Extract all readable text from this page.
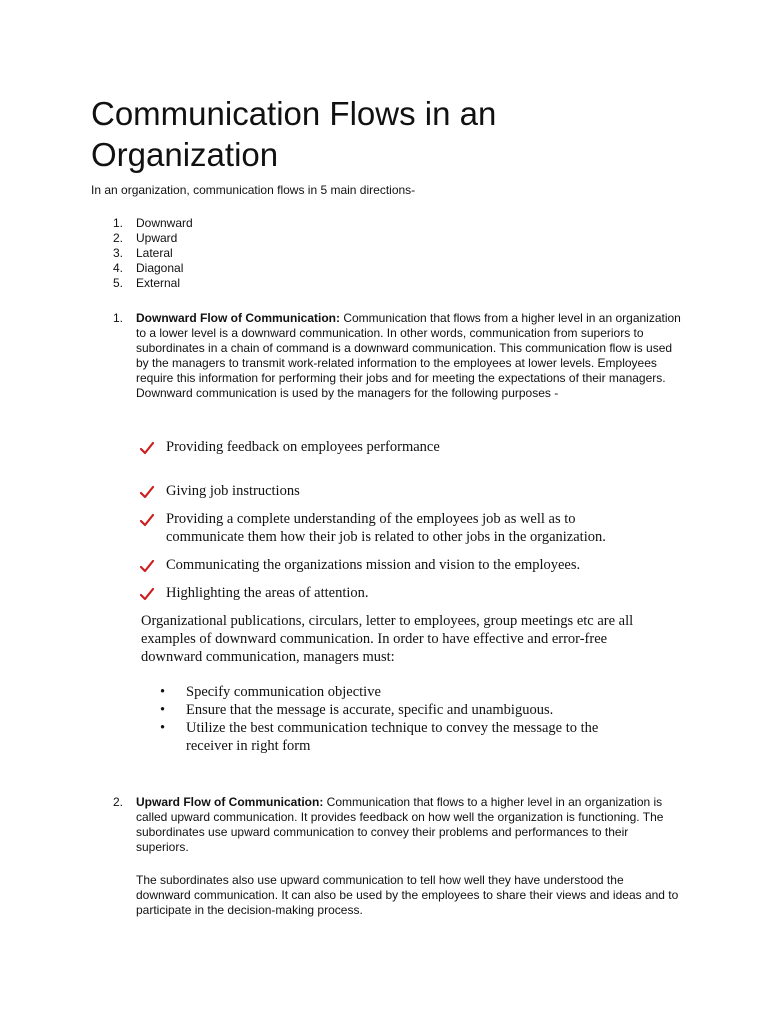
Communication Flows in an Organization

In an organization, communication flows in 5 main directions-

1.	Downward
2.	Upward
3.	Lateral
4.	Diagonal
5.	External
1.	Downward Flow of Communication: Communication that flows from a higher level in an organization to a lower level is a downward communication. In other words, communication from superiors to subordinates in a chain of command is a downward communication. This communication flow is used by the managers to transmit work-related information to the employees at lower levels. Employees require this information for performing their jobs and for meeting the expectations of their managers. Downward communication is used by the managers for the following purposes -
Providing feedback on employees performance
Giving job instructions
Providing a complete understanding of the employees job as well as to communicate them how their job is related to other jobs in the organization.
Communicating the organizations mission and vision to the employees.
Highlighting the areas of attention.

Organizational publications, circulars, letter to employees, group meetings etc are all examples of downward communication. In order to have effective and error-free downward communication, managers must:

•	Specify communication objective
•	Ensure that the message is accurate, specific and unambiguous.
•	Utilize the best communication technique to convey the message to the receiver in right form
2.	Upward Flow of Communication: Communication that flows to a higher level in an organization is called upward communication. It provides feedback on how well the organization is functioning. The subordinates use upward communication to convey their problems and performances to their superiors.

The subordinates also use upward communication to tell how well they have understood the downward communication. It can also be used by the employees to share their views and ideas and to participate in the decision-making process.
